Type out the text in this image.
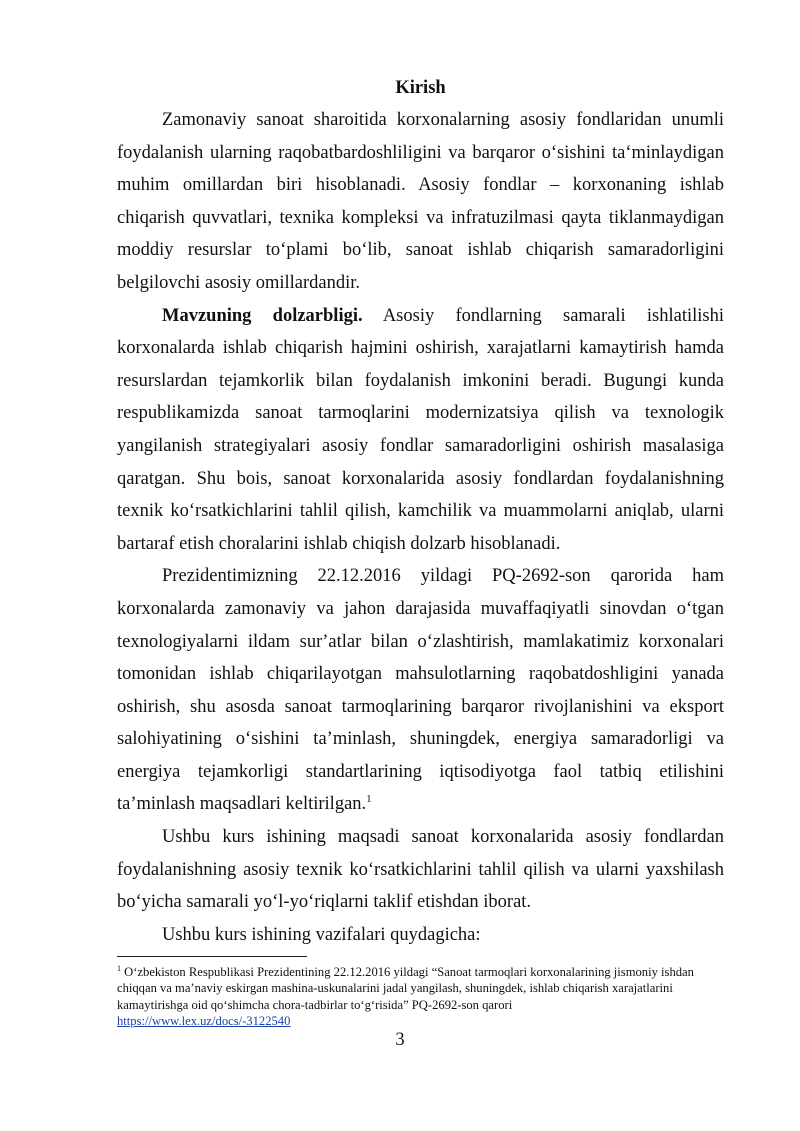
Kirish

Zamonaviy sanoat sharoitida korxonalarning asosiy fondlaridan unumli foydalanish ularning raqobatbardoshliligini va barqaror oʻsishini taʻminlaydigan muhim omillardan biri hisoblanadi. Asosiy fondlar – korxonaning ishlab chiqarish quvvatlari, texnika kompleksi va infratuzilmasi qayta tiklanmaydigan moddiy resurslar toʻplami boʻlib, sanoat ishlab chiqarish samaradorligini belgilovchi asosiy omillardandir.

Mavzuning dolzarbligi. Asosiy fondlarning samarali ishlatilishi korxonalarda ishlab chiqarish hajmini oshirish, xarajatlarni kamaytirish hamda resurslardan tejamkorlik bilan foydalanish imkonini beradi. Bugungi kunda respublikamizda sanoat tarmoqlarini modernizatsiya qilish va texnologik yangilanish strategiyalari asosiy fondlar samaradorligini oshirish masalasiga qaratgan. Shu bois, sanoat korxonalarida asosiy fondlardan foydalanishning texnik koʻrsatkichlarini tahlil qilish, kamchilik va muammolarni aniqlab, ularni bartaraf etish choralarini ishlab chiqish dolzarb hisoblanadi.

Prezidentimizning 22.12.2016 yildagi PQ-2692-son qarorida ham korxonalarda zamonaviy va jahon darajasida muvaffaqiyatli sinovdan oʻtgan texnologiyalarni ildam surʼatlar bilan oʻzlashtirish, mamlakatimiz korxonalari tomonidan ishlab chiqarilayotgan mahsulotlarning raqobatdoshligini yanada oshirish, shu asosda sanoat tarmoqlarining barqaror rivojlanishini va eksport salohiyatining oʻsishini taʼminlash, shuningdek, energiya samaradorligi va energiya tejamkorligi standartlarining iqtisodiyotga faol tatbiq etilishini taʼminlash maqsadlari keltirilgan.$^1$

Ushbu kurs ishining maqsadi sanoat korxonalarida asosiy fondlardan foydalanishning asosiy texnik koʻrsatkichlarini tahlil qilish va ularni yaxshilash boʻyicha samarali yoʻl-yoʻriqlarni taklif etishdan iborat.

Ushbu kurs ishining vazifalari quydagicha:

$^1$ Oʻzbekiston Respublikasi Prezidentining 22.12.2016 yildagi “Sanoat tarmoqlari korxonalarining jismoniy ishdan chiqqan va maʼnaviy eskirgan mashina-uskunalarini jadal yangilash, shuningdek, ishlab chiqarish xarajatlarini kamaytirishga oid qoʻshimcha chora-tadbirlar toʻgʻrisida” PQ-2692-son qarori
https://www.lex.uz/docs/-3122540
3
